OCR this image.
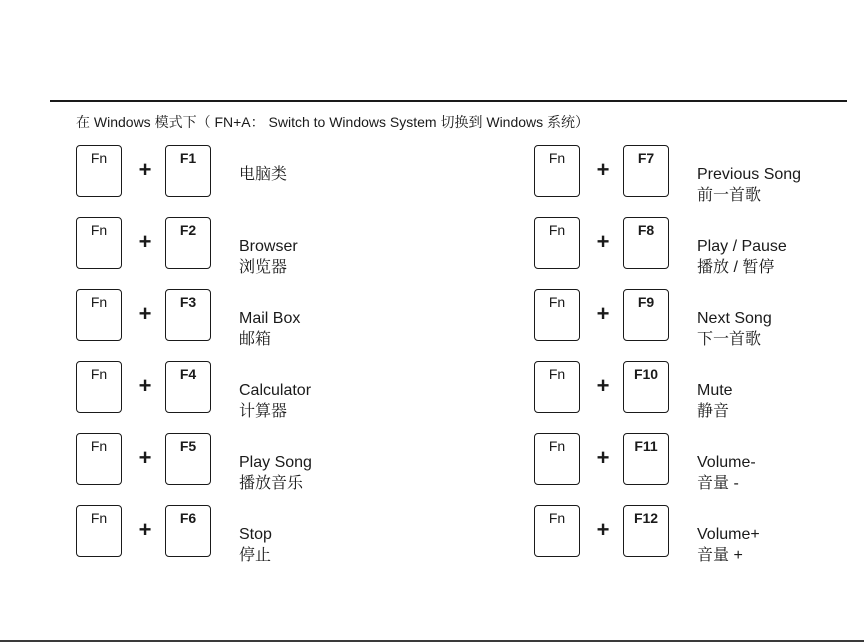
在 Windows 模式下（ FN+A： Switch to Windows System 切换到 Windows 系统）
Fn	+	F1
电脑类
Fn	+	F2
Browser
浏览器
Fn	+	F3
Mail Box
邮箱
Fn	+	F4
Calculator
计算器
Fn	+	F5
Play Song
播放音乐
Fn	+	F6
Stop
停止
Fn	+	F7
Previous Song
前一首歌
Fn	+	F8
Play / Pause
播放 / 暂停
Fn	+	F9
Next Song
下一首歌
Fn	+	F10
Mute
静音
Fn	+	F11
Volume-
音量 -
Fn	+	F12
Volume+
音量 +
